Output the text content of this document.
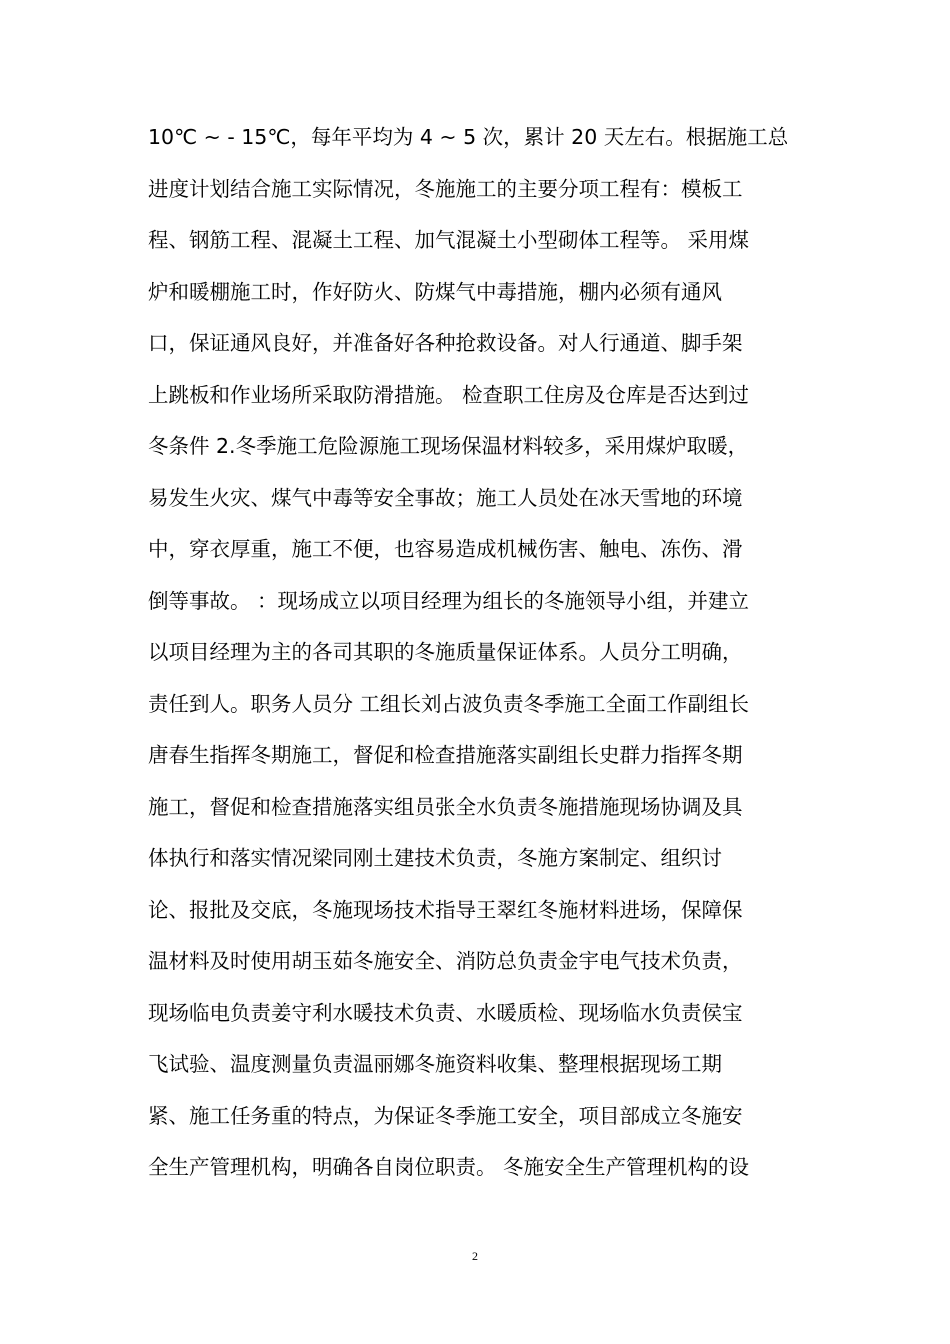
10℃ ~ - 15℃，每年平均为 4 ~ 5 次，累计 20 天左右。根据施工总
进度计划结合施工实际情况，冬施施工的主要分项工程有：模板工
程、钢筋工程、混凝土工程、加气混凝土小型砌体工程等。 采用煤
炉和暖棚施工时，作好防火、防煤气中毒措施，棚内必须有通风
口，保证通风良好，并准备好各种抢救设备。对人行通道、脚手架
上跳板和作业场所采取防滑措施。 检查职工住房及仓库是否达到过
冬条件 2.冬季施工危险源施工现场保温材料较多，采用煤炉取暖，
易发生火灾、煤气中毒等安全事故；施工人员处在冰天雪地的环境
中，穿衣厚重，施工不便，也容易造成机械伤害、触电、冻伤、滑
倒等事故。 ：现场成立以项目经理为组长的冬施领导小组，并建立
以项目经理为主的各司其职的冬施质量保证体系。人员分工明确，
责任到人。职务人员分 工组长刘占波负责冬季施工全面工作副组长
唐春生指挥冬期施工，督促和检查措施落实副组长史群力指挥冬期
施工，督促和检查措施落实组员张全水负责冬施措施现场协调及具
体执行和落实情况梁同刚土建技术负责，冬施方案制定、组织讨
论、报批及交底，冬施现场技术指导王翠红冬施材料进场，保障保
温材料及时使用胡玉茹冬施安全、消防总负责金宇电气技术负责，
现场临电负责姜守利水暖技术负责、水暖质检、现场临水负责侯宝
飞试验、温度测量负责温丽娜冬施资料收集、整理根据现场工期
紧、施工任务重的特点，为保证冬季施工安全，项目部成立冬施安
全生产管理机构，明确各自岗位职责。 冬施安全生产管理机构的设
2
